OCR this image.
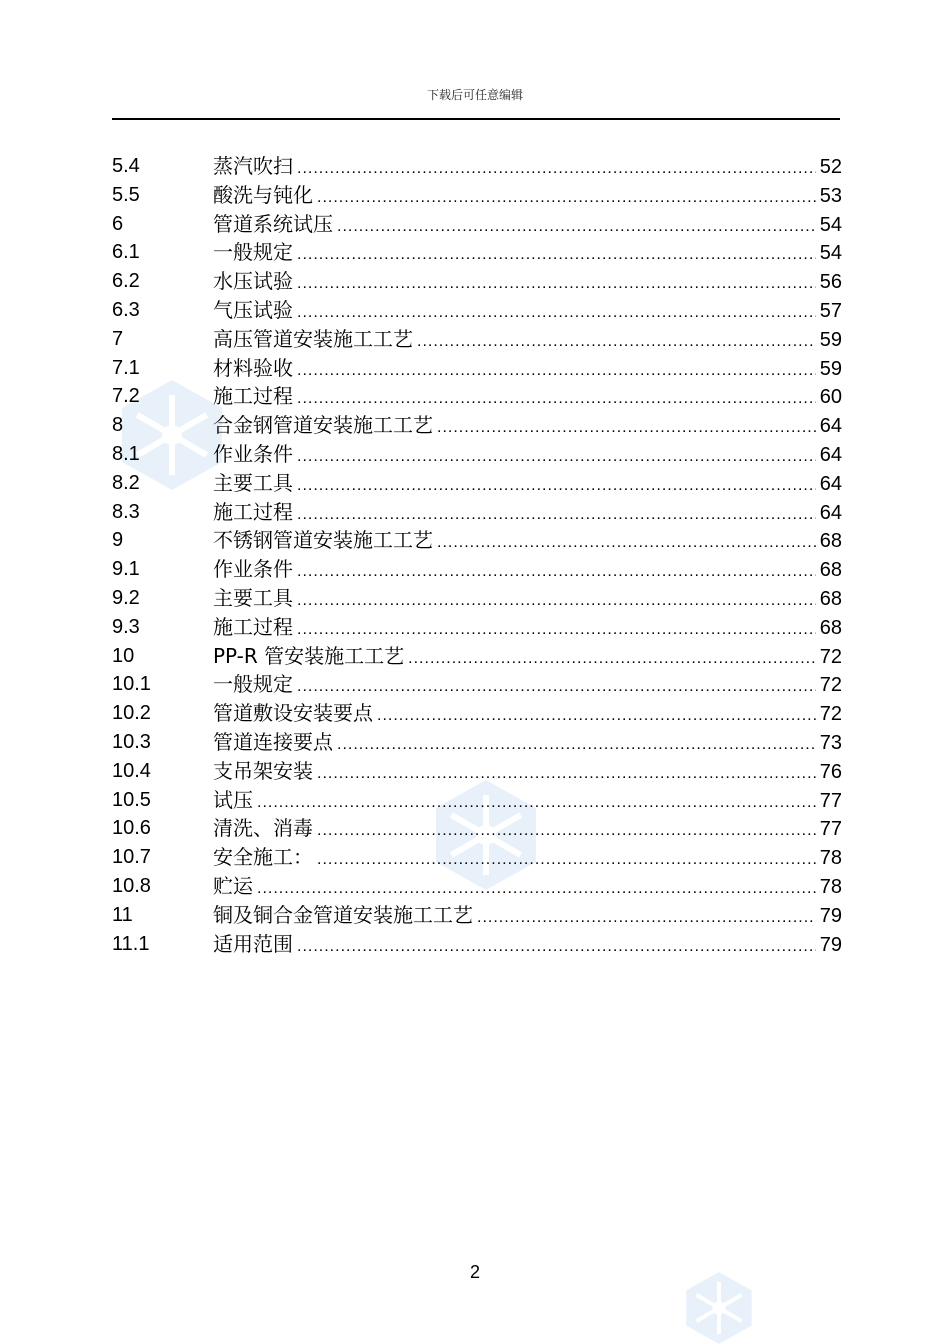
下载后可任意编辑
5.4	蒸汽吹扫 .....	52
5.5	酸洗与钝化 .....	53
6	管道系统试压 .....	54
6.1	一般规定 .....	54
6.2	水压试验 .....	56
6.3	气压试验 .....	57
7	高压管道安装施工工艺 .....	59
7.1	材料验收 .....	59
7.2	施工过程 .....	60
8	合金钢管道安装施工工艺 .....	64
8.1	作业条件 .....	64
8.2	主要工具 .....	64
8.3	施工过程 .....	64
9	不锈钢管道安装施工工艺 .....	68
9.1	作业条件 .....	68
9.2	主要工具 .....	68
9.3	施工过程 .....	68
10	PP-R 管安装施工工艺 .....	72
10.1	一般规定 .....	72
10.2	管道敷设安装要点 .....	72
10.3	管道连接要点 .....	73
10.4	支吊架安装 .....	76
10.5	试压 .....	77
10.6	清洗、消毒 .....	77
10.7	安全施工： .....	78
10.8	贮运 .....	78
11	铜及铜合金管道安装施工工艺 .....	79
11.1	适用范围 .....	79
2
